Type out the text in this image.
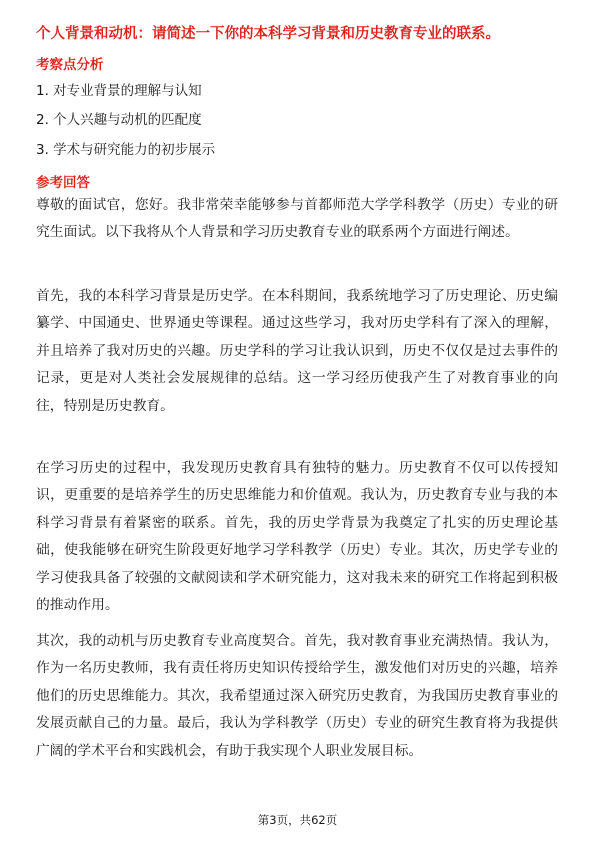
个人背景和动机：请简述一下你的本科学习背景和历史教育专业的联系。
考察点分析
1. 对专业背景的理解与认知
2. 个人兴趣与动机的匹配度
3. 学术与研究能力的初步展示
参考回答
尊敬的面试官，您好。我非常荣幸能够参与首都师范大学学科教学（历史）专业的研究生面试。以下我将从个人背景和学习历史教育专业的联系两个方面进行阐述。
首先，我的本科学习背景是历史学。在本科期间，我系统地学习了历史理论、历史编纂学、中国通史、世界通史等课程。通过这些学习，我对历史学科有了深入的理解，并且培养了我对历史的兴趣。历史学科的学习让我认识到，历史不仅仅是过去事件的记录，更是对人类社会发展规律的总结。这一学习经历使我产生了对教育事业的向往，特别是历史教育。
在学习历史的过程中，我发现历史教育具有独特的魅力。历史教育不仅可以传授知识，更重要的是培养学生的历史思维能力和价值观。我认为，历史教育专业与我的本科学习背景有着紧密的联系。首先，我的历史学背景为我奠定了扎实的历史理论基础，使我能够在研究生阶段更好地学习学科教学（历史）专业。其次，历史学专业的学习使我具备了较强的文献阅读和学术研究能力，这对我未来的研究工作将起到积极的推动作用。
其次，我的动机与历史教育专业高度契合。首先，我对教育事业充满热情。我认为，作为一名历史教师，我有责任将历史知识传授给学生，激发他们对历史的兴趣，培养他们的历史思维能力。其次，我希望通过深入研究历史教育，为我国历史教育事业的发展贡献自己的力量。最后，我认为学科教学（历史）专业的研究生教育将为我提供广阔的学术平台和实践机会，有助于我实现个人职业发展目标。
第3页，共62页
